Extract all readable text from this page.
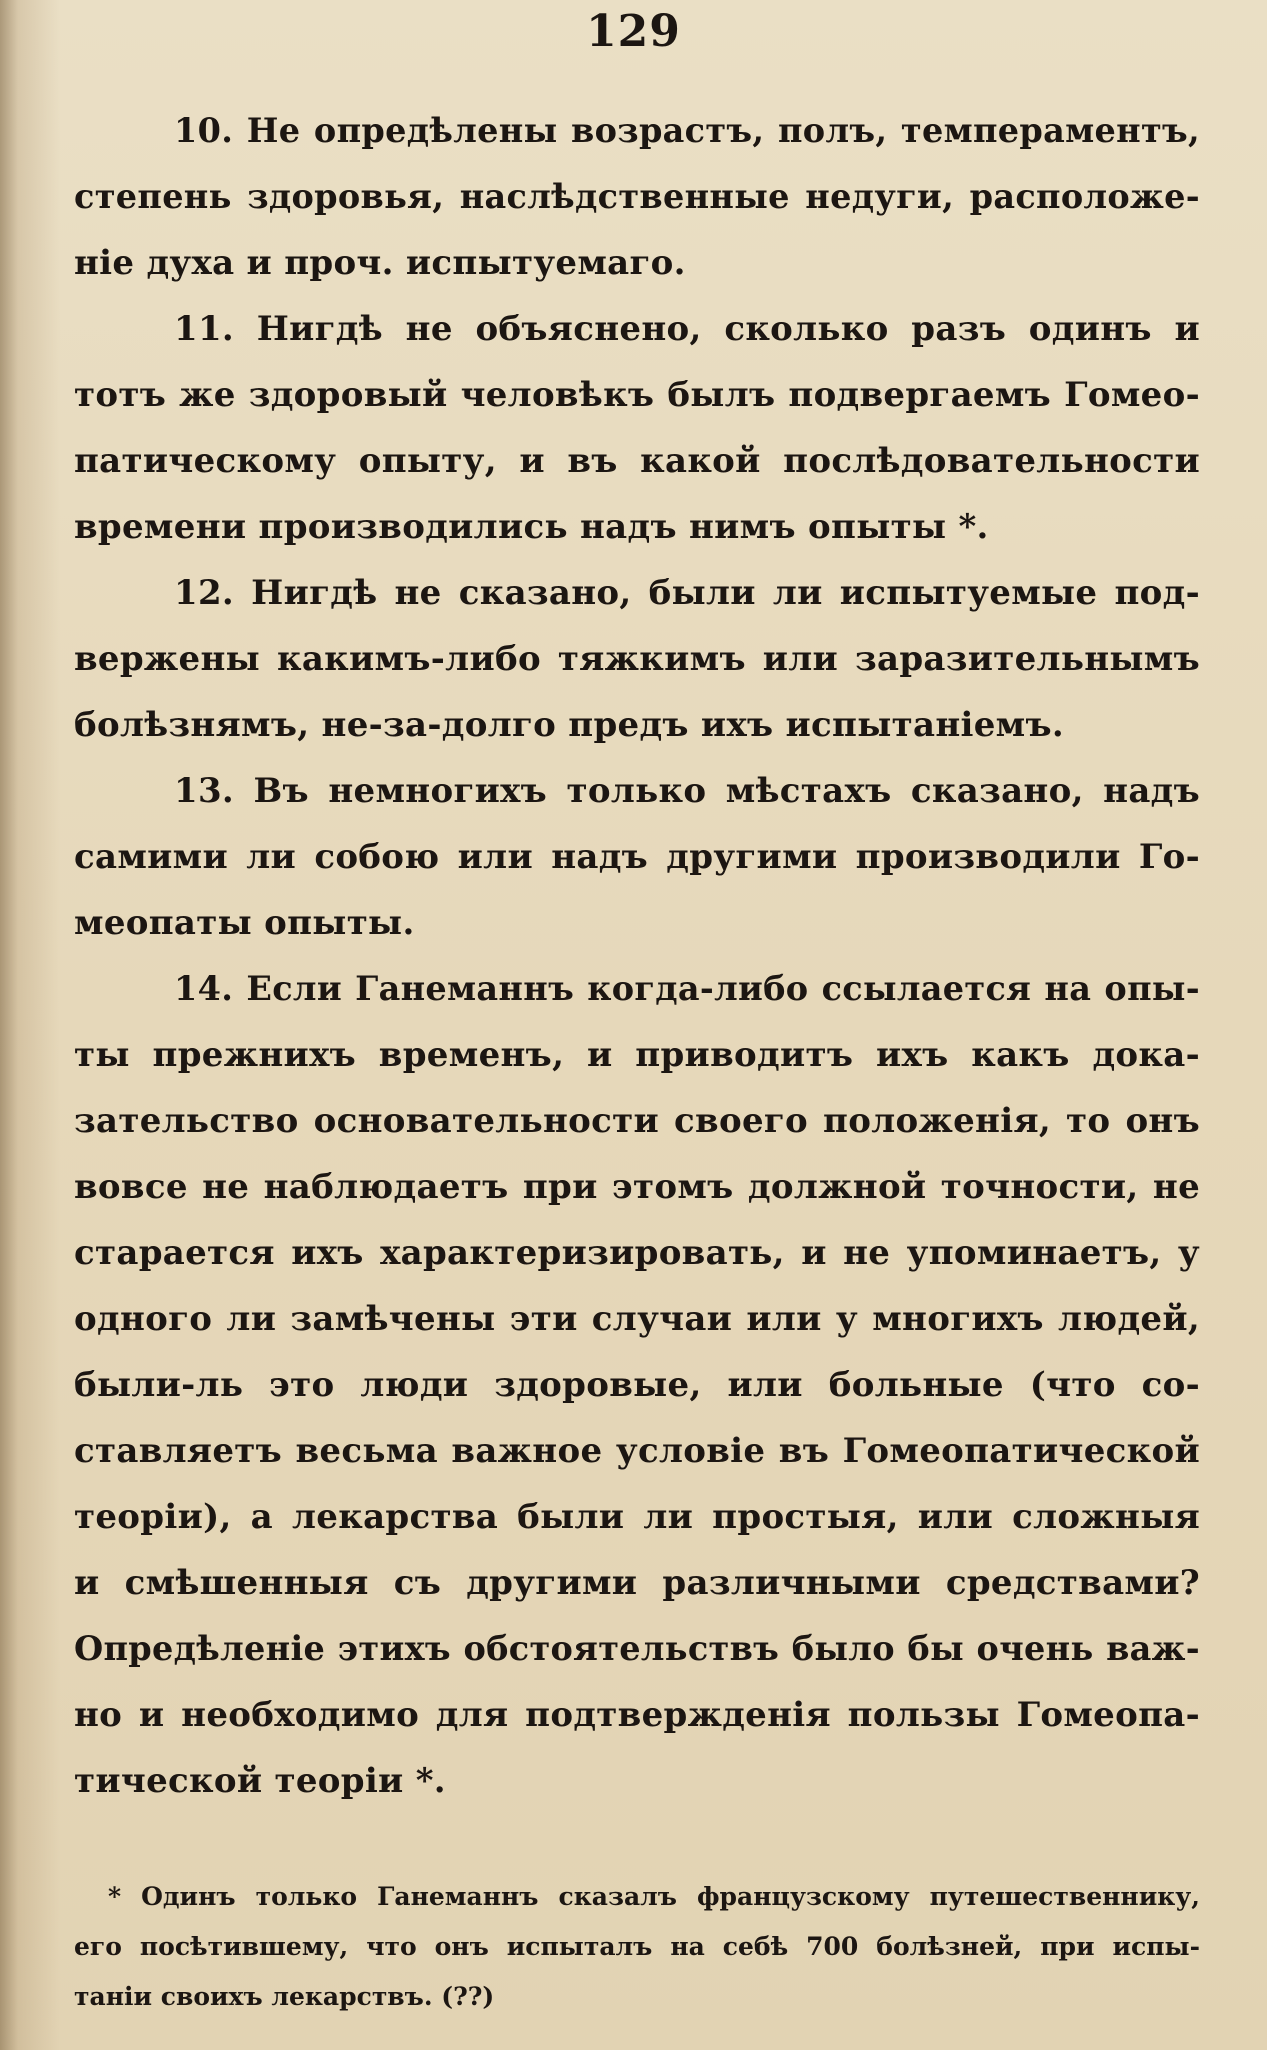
129
10. Не опредѣлены возрастъ, полъ, темпераментъ,
степень здоровья, наслѣдственные недуги, расположе-
ніе духа и проч. испытуемаго.
11. Нигдѣ не объяснено, сколько разъ одинъ и
тотъ же здоровый человѣкъ былъ подвергаемъ Гомео-
патическому опыту, и въ какой послѣдовательности
времени производились надъ нимъ опыты *.
12. Нигдѣ не сказано, были ли испытуемые под-
вержены какимъ-либо тяжкимъ или заразительнымъ
болѣзнямъ, не-за-долго предъ ихъ испытаніемъ.
13. Въ немногихъ только мѣстахъ сказано, надъ
самими ли собою или надъ другими производили Го-
меопаты опыты.
14. Если Ганеманнъ когда-либо ссылается на опы-
ты прежнихъ временъ, и приводитъ ихъ какъ дока-
зательство основательности своего положенія, то онъ
вовсе не наблюдаетъ при этомъ должной точности, не
старается ихъ характеризировать, и не упоминаетъ, у
одного ли замѣчены эти случаи или у многихъ людей,
были-ль это люди здоровые, или больные (что со-
ставляетъ весьма важное условіе въ Гомеопатической
теоріи), а лекарства были ли простыя, или сложныя
и смѣшенныя съ другими различными средствами?
Опредѣленіе этихъ обстоятельствъ было бы очень важ-
но и необходимо для подтвержденія пользы Гомеопа-
тической теоріи *.
* Одинъ только Ганеманнъ сказалъ французскому путешественнику,
его посѣтившему, что онъ испыталъ на себѣ 700 болѣзней, при испы-
таніи своихъ лекарствъ. (??)
